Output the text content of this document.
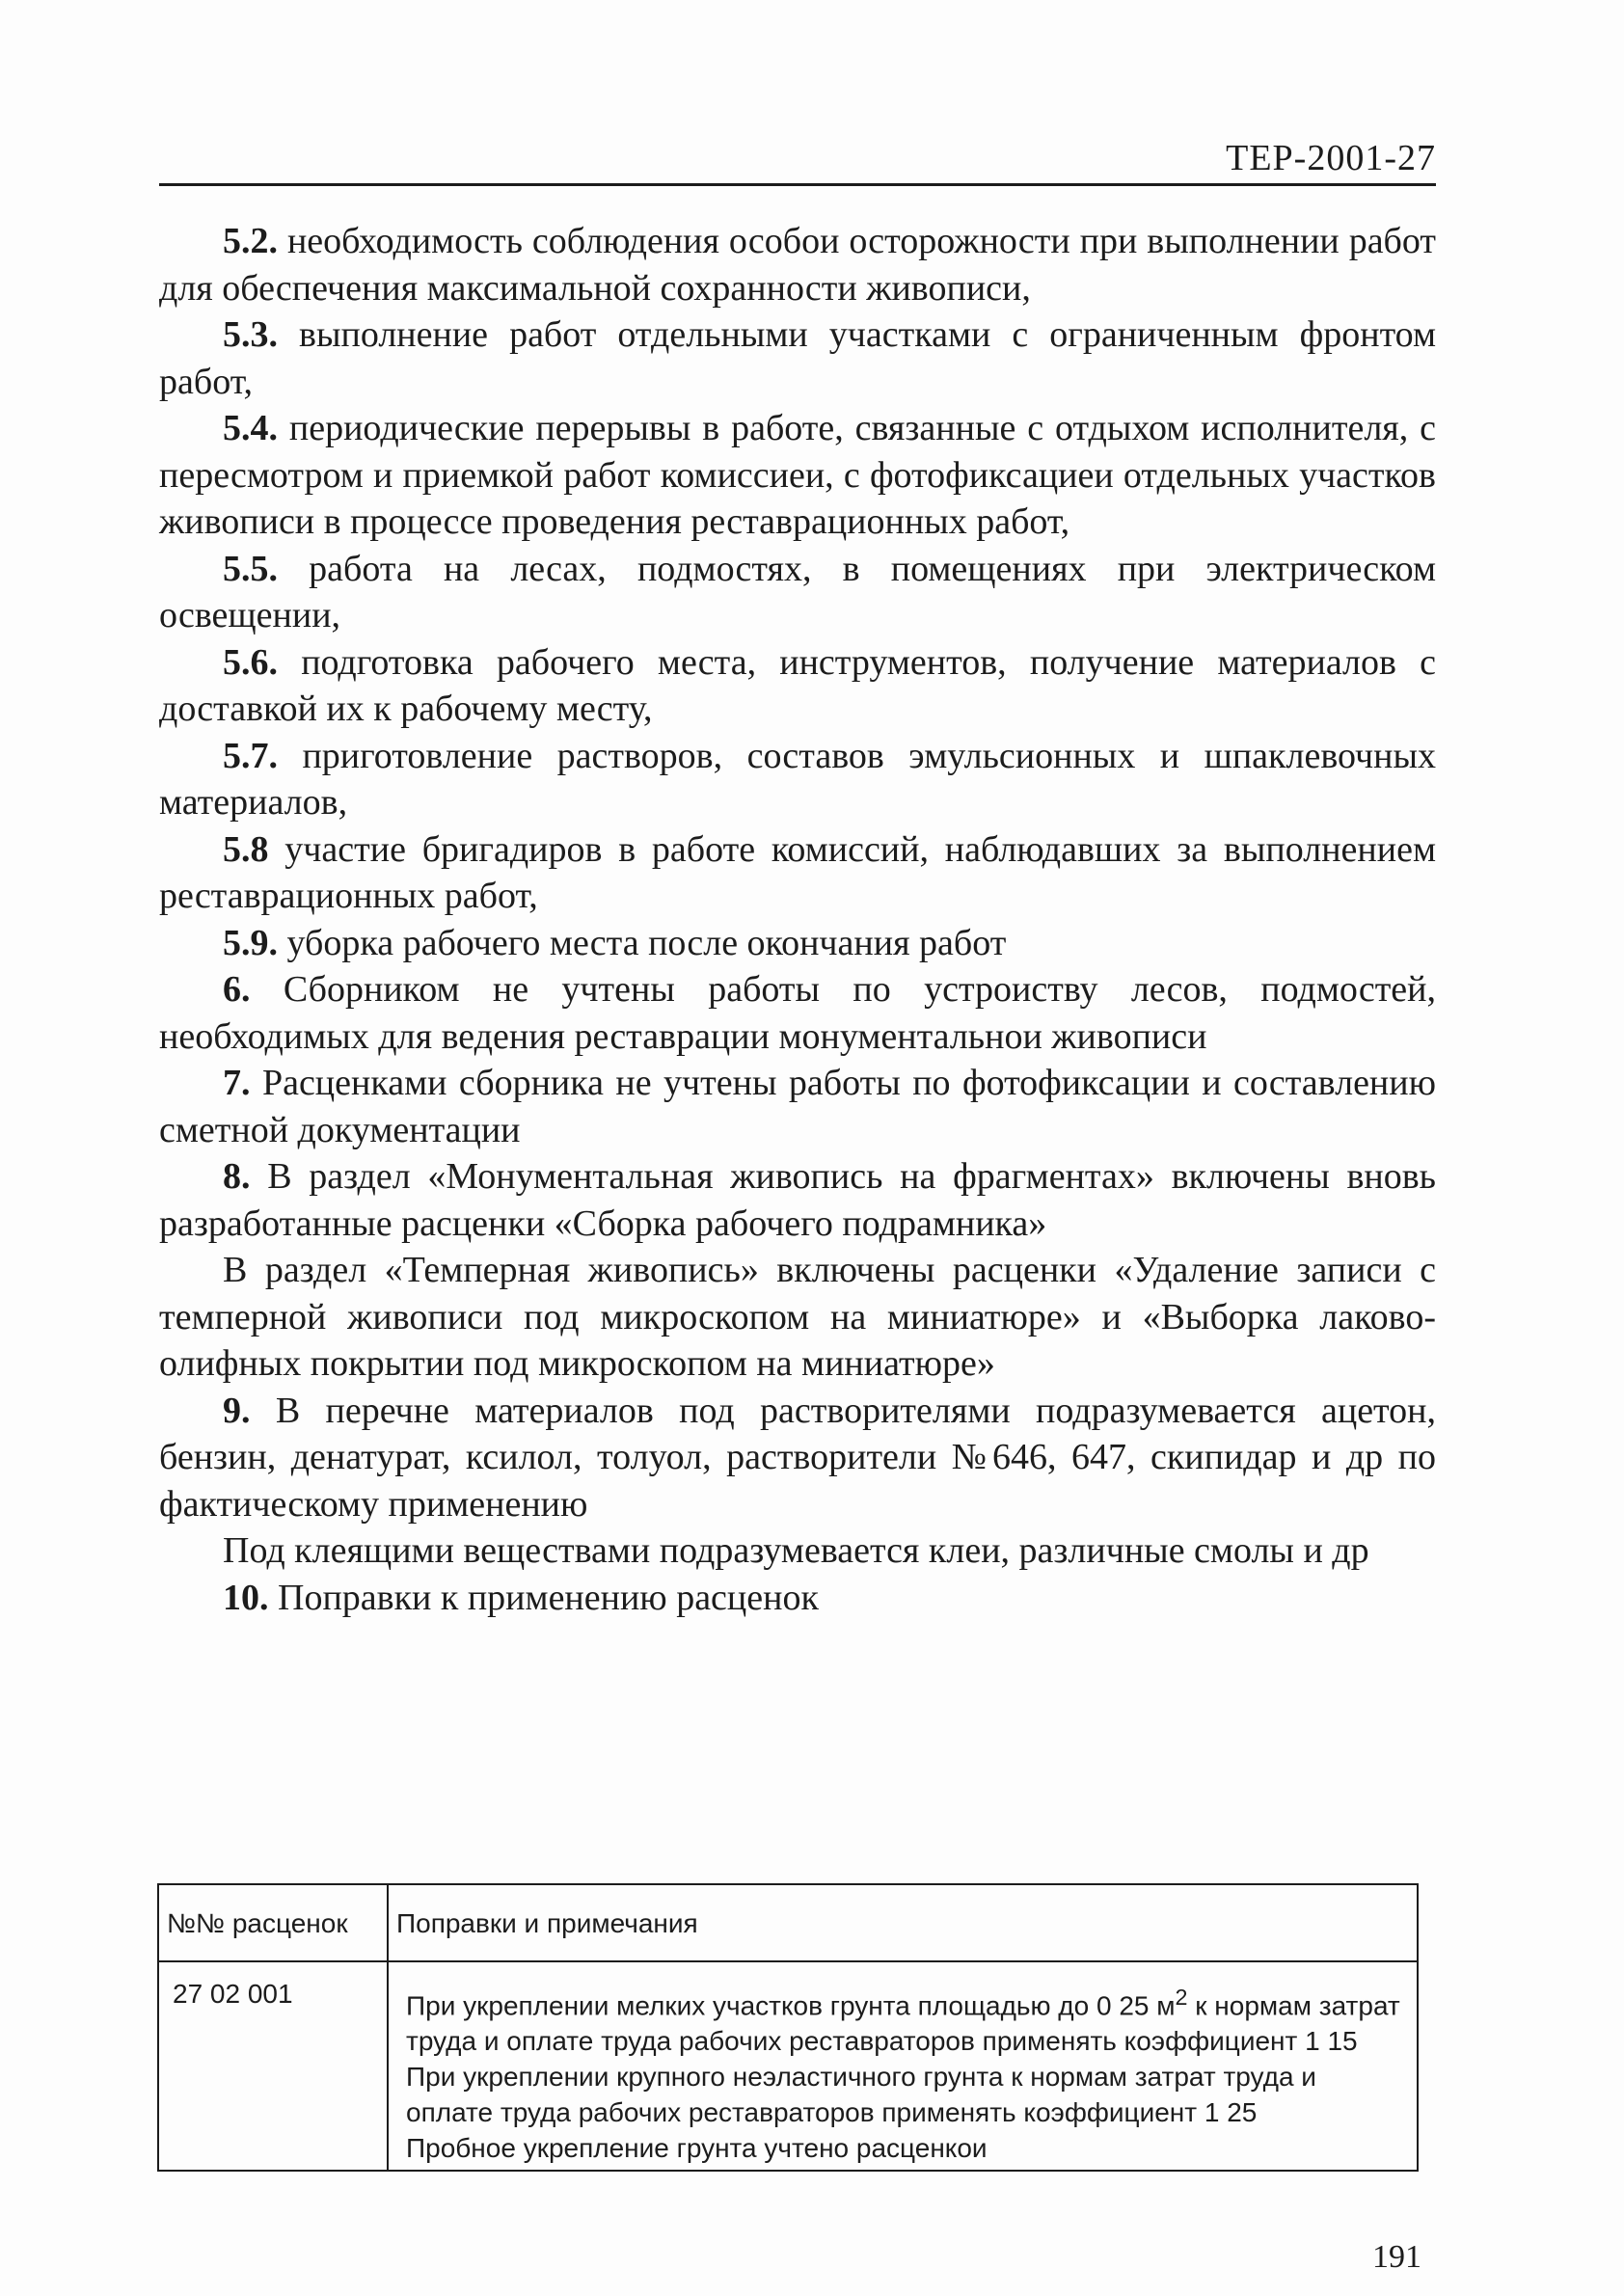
ТЕР-2001-27

5.2. необходимость соблюдения особои осторожности при выполнении работ для обеспечения максимальной сохранности живописи,

5.3. выполнение работ отдельными участками с ограниченным фронтом работ,

5.4. периодические перерывы в работе, связанные с отдыхом исполнителя, с пересмотром и приемкой работ комиссиеи, с фотофиксациеи отдельных участков живописи в процессе проведения реставрационных работ,

5.5. работа на лесах, подмостях, в помещениях при электрическом освещении,

5.6. подготовка рабочего места, инструментов, получение материалов с доставкой их к рабочему месту,

5.7. приготовление растворов, составов эмульсионных и шпаклевочных материалов,

5.8 участие бригадиров в работе комиссий, наблюдавших за выполнением реставрационных работ,

5.9. уборка рабочего места после окончания работ

6. Сборником не учтены работы по устроиству лесов, подмостей, необходимых для ведения реставрации монументальнои живописи

7. Расценками сборника не учтены работы по фотофиксации и составлению сметной документации

8. В раздел «Монументальная живопись на фрагментах» включены вновь разработанные расценки «Сборка рабочего подрамника»

В раздел «Темперная живопись» включены расценки «Удаление записи с темперной живописи под микроскопом на миниатюре» и «Выборка лаково-олифных покрытии под микроскопом на миниатюре»

9. В перечне материалов под растворителями подразумевается ацетон, бензин, денатурат, ксилол, толуол, растворители №646, 647, скипидар и др по фактическому применению

Под клеящими веществами подразумевается клеи, различные смолы и др

10. Поправки к применению расценок

№№ расценок	Поправки и примечания
27 02 001	При укреплении мелких участков грунта площадью до 0 25 $м^2$ к нормам затрат труда и оплате труда рабочих реставраторов применять коэффициент 1 15

При укреплении крупного неэластичного грунта к нормам затрат труда и оплате труда рабочих реставраторов применять коэффициент 1 25

Пробное укрепление грунта учтено расценкои

191
